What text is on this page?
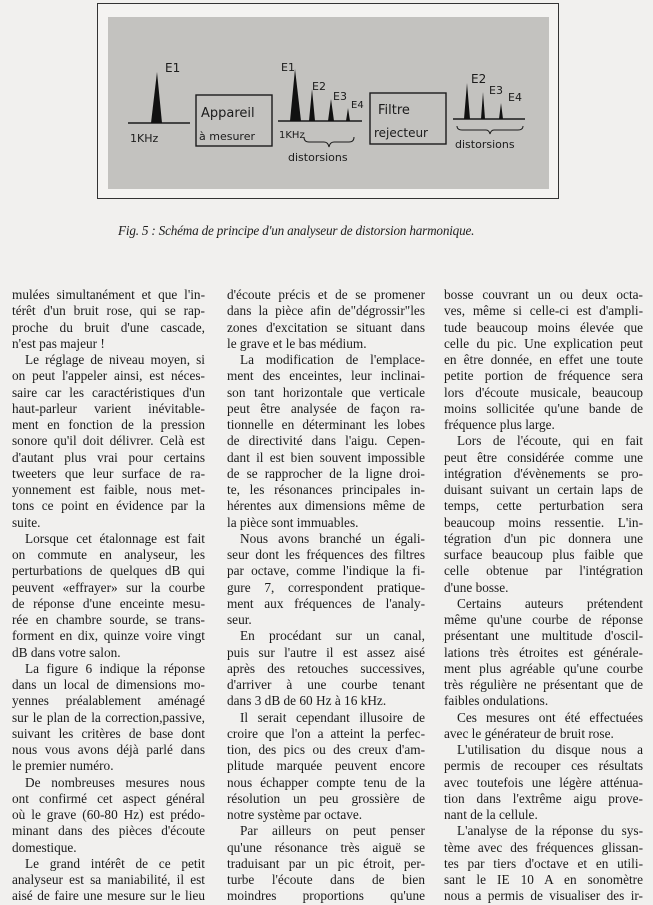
E1
1KHz
Appareil
à mesurer
E1
E2
E3
E4
1KHz
distorsions
Filtre
rejecteur
E2
E3
E4
distorsions
Fig. 5 : Schéma de principe d'un analyseur de distorsion harmonique.
mulées simultanément et que l'in-
térêt d'un bruit rose, qui se rap-
proche du bruit d'une cascade,
n'est pas majeur !
Le réglage de niveau moyen, si
on peut l'appeler ainsi, est néces-
saire car les caractéristiques d'un
haut-parleur varient inévitable-
ment en fonction de la pression
sonore qu'il doit délivrer. Celà est
d'autant plus vrai pour certains
tweeters que leur surface de ra-
yonnement est faible, nous met-
tons ce point en évidence par la
suite.
Lorsque cet étalonnage est fait
on commute en analyseur, les
perturbations de quelques dB qui
peuvent «effrayer» sur la courbe
de réponse d'une enceinte mesu-
rée en chambre sourde, se trans-
forment en dix, quinze voire vingt
dB dans votre salon.
La figure 6 indique la réponse
dans un local de dimensions mo-
yennes préalablement aménagé
sur le plan de la correction,passive,
suivant les critères de base dont
nous vous avons déjà parlé dans
le premier numéro.
De nombreuses mesures nous
ont confirmé cet aspect général
où le grave (60-80 Hz) est prédo-
minant dans des pièces d'écoute
domestique.
Le grand intérêt de ce petit
analyseur est sa maniabilité, il est
aisé de faire une mesure sur le lieu
d'écoute précis et de se promener
dans la pièce afin de"dégrossir"les
zones d'excitation se situant dans
le grave et le bas médium.
La modification de l'emplace-
ment des enceintes, leur inclinai-
son tant horizontale que verticale
peut être analysée de façon ra-
tionnelle en déterminant les lobes
de directivité dans l'aigu. Cepen-
dant il est bien souvent impossible
de se rapprocher de la ligne droi-
te, les résonances principales in-
hérentes aux dimensions même de
la pièce sont immuables.
Nous avons branché un égali-
seur dont les fréquences des filtres
par octave, comme l'indique la fi-
gure 7, correspondent pratique-
ment aux fréquences de l'analy-
seur.
En procédant sur un canal,
puis sur l'autre il est assez aisé
après des retouches successives,
d'arriver à une courbe tenant
dans 3 dB de 60 Hz à 16 kHz.
Il serait cependant illusoire de
croire que l'on a atteint la perfec-
tion, des pics ou des creux d'am-
plitude marquée peuvent encore
nous échapper compte tenu de la
résolution un peu grossière de
notre système par octave.
Par ailleurs on peut penser
qu'une résonance très aiguë se
traduisant par un pic étroit, per-
turbe l'écoute dans de bien
moindres proportions qu'une
bosse couvrant un ou deux octa-
ves, même si celle-ci est d'ampli-
tude beaucoup moins élevée que
celle du pic. Une explication peut
en être donnée, en effet une toute
petite portion de fréquence sera
lors d'écoute musicale, beaucoup
moins sollicitée qu'une bande de
fréquence plus large.
Lors de l'écoute, qui en fait
peut être considérée comme une
intégration d'évènements se pro-
duisant suivant un certain laps de
temps, cette perturbation sera
beaucoup moins ressentie. L'in-
tégration d'un pic donnera une
surface beaucoup plus faible que
celle obtenue par l'intégration
d'une bosse.
Certains auteurs prétendent
même qu'une courbe de réponse
présentant une multitude d'oscil-
lations très étroites est générale-
ment plus agréable qu'une courbe
très régulière ne présentant que de
faibles ondulations.
Ces mesures ont été effectuées
avec le générateur de bruit rose.
L'utilisation du disque nous a
permis de recouper ces résultats
avec toutefois une légère atténua-
tion dans l'extrême aigu prove-
nant de la cellule.
L'analyse de la réponse du sys-
tème avec des fréquences glissan-
tes par tiers d'octave et en utili-
sant le IE 10 A en sonomètre
nous a permis de visualiser des ir-
